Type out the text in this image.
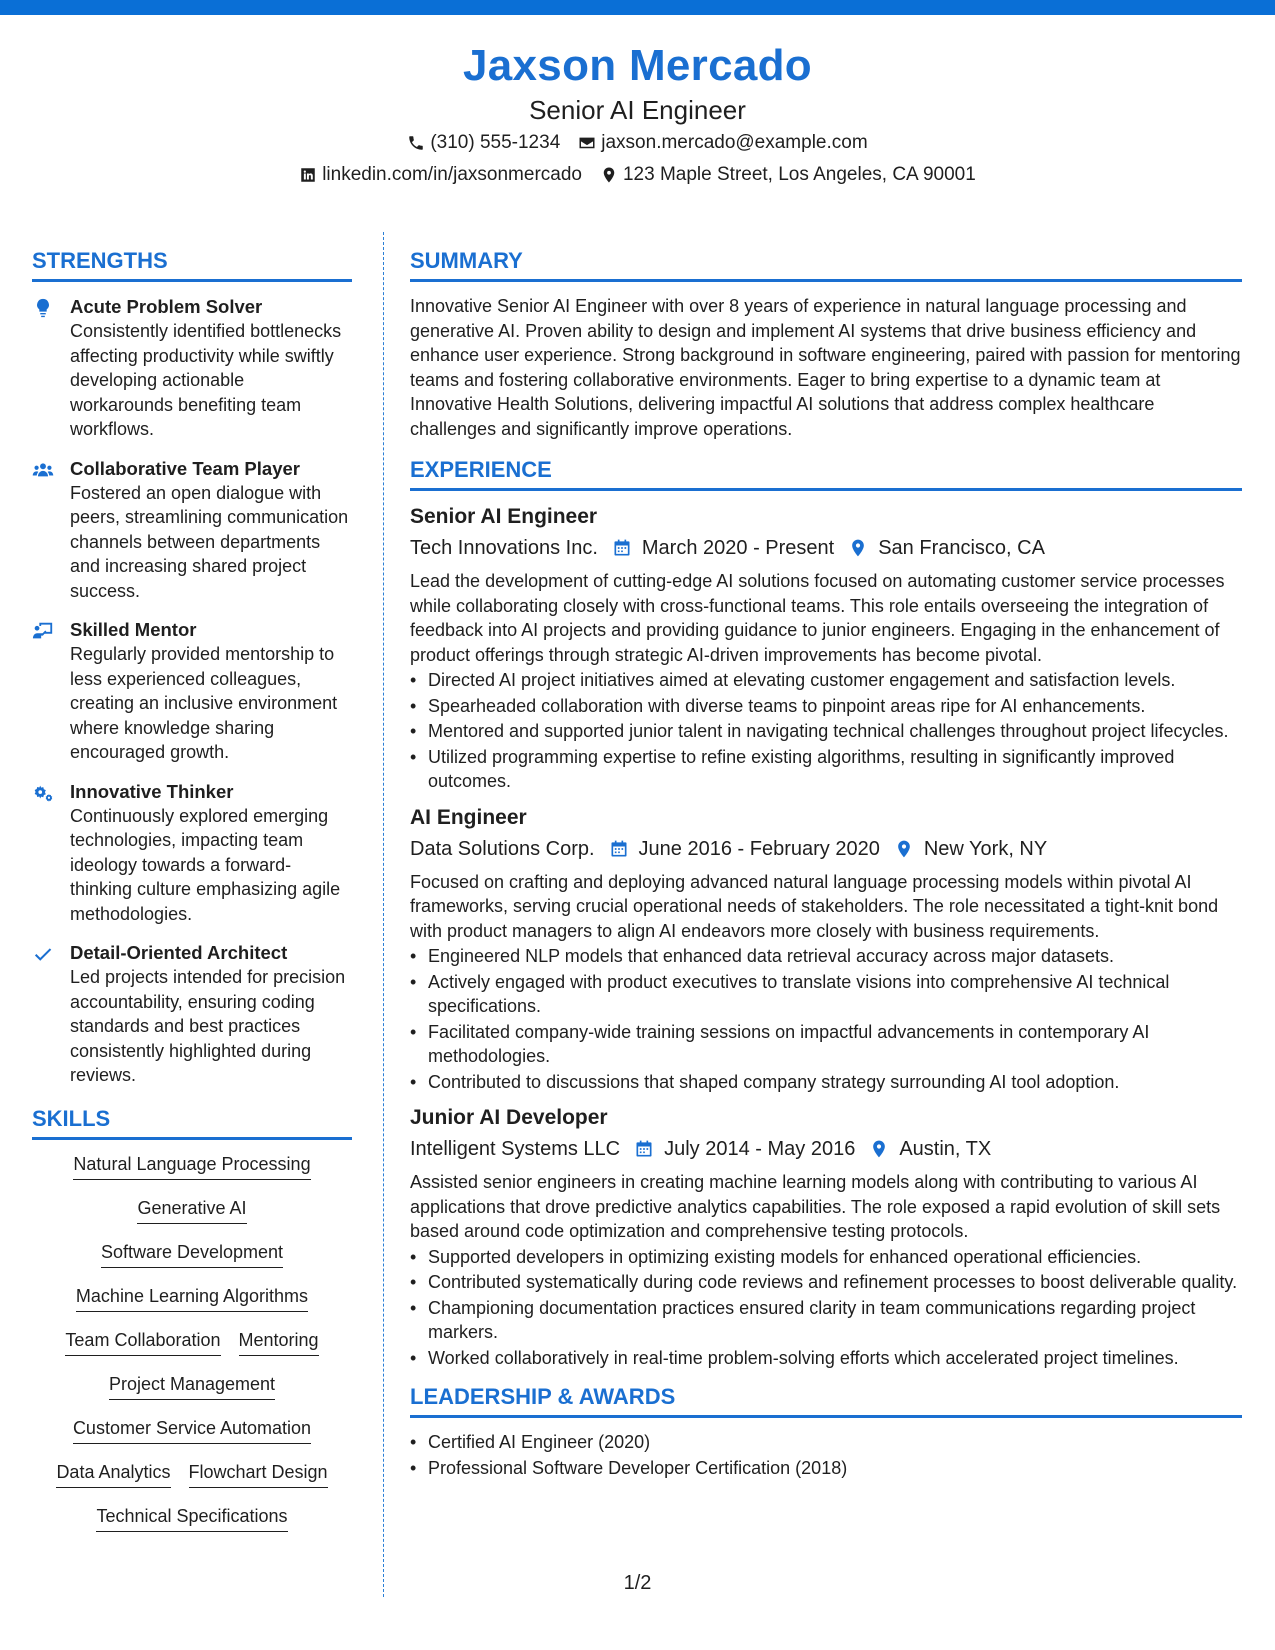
Jaxson Mercado
Senior AI Engineer
(310) 555-1234 jaxson.mercado@example.com
linkedin.com/in/jaxsonmercado 123 Maple Street, Los Angeles, CA 90001
STRENGTHS
Acute Problem Solver
Consistently identified bottlenecks affecting productivity while swiftly developing actionable workarounds benefiting team workflows.
Collaborative Team Player
Fostered an open dialogue with peers, streamlining communication channels between departments and increasing shared project success.
Skilled Mentor
Regularly provided mentorship to less experienced colleagues, creating an inclusive environment where knowledge sharing encouraged growth.
Innovative Thinker
Continuously explored emerging technologies, impacting team ideology towards a forward-thinking culture emphasizing agile methodologies.
Detail-Oriented Architect
Led projects intended for precision accountability, ensuring coding standards and best practices consistently highlighted during reviews.
SKILLS
Natural Language Processing
Generative AI
Software Development
Machine Learning Algorithms
Team Collaboration Mentoring
Project Management
Customer Service Automation
Data Analytics Flowchart Design
Technical Specifications
SUMMARY
Innovative Senior AI Engineer with over 8 years of experience in natural language processing and generative AI. Proven ability to design and implement AI systems that drive business efficiency and enhance user experience. Strong background in software engineering, paired with passion for mentoring teams and fostering collaborative environments. Eager to bring expertise to a dynamic team at Innovative Health Solutions, delivering impactful AI solutions that address complex healthcare challenges and significantly improve operations.
EXPERIENCE
Senior AI Engineer
Tech Innovations Inc. March 2020 - Present San Francisco, CA
Lead the development of cutting-edge AI solutions focused on automating customer service processes while collaborating closely with cross-functional teams. This role entails overseeing the integration of feedback into AI projects and providing guidance to junior engineers. Engaging in the enhancement of product offerings through strategic AI-driven improvements has become pivotal.
• Directed AI project initiatives aimed at elevating customer engagement and satisfaction levels.
• Spearheaded collaboration with diverse teams to pinpoint areas ripe for AI enhancements.
• Mentored and supported junior talent in navigating technical challenges throughout project lifecycles.
• Utilized programming expertise to refine existing algorithms, resulting in significantly improved outcomes.
AI Engineer
Data Solutions Corp. June 2016 - February 2020 New York, NY
Focused on crafting and deploying advanced natural language processing models within pivotal AI frameworks, serving crucial operational needs of stakeholders. The role necessitated a tight-knit bond with product managers to align AI endeavors more closely with business requirements.
• Engineered NLP models that enhanced data retrieval accuracy across major datasets.
• Actively engaged with product executives to translate visions into comprehensive AI technical specifications.
• Facilitated company-wide training sessions on impactful advancements in contemporary AI methodologies.
• Contributed to discussions that shaped company strategy surrounding AI tool adoption.
Junior AI Developer
Intelligent Systems LLC July 2014 - May 2016 Austin, TX
Assisted senior engineers in creating machine learning models along with contributing to various AI applications that drove predictive analytics capabilities. The role exposed a rapid evolution of skill sets based around code optimization and comprehensive testing protocols.
• Supported developers in optimizing existing models for enhanced operational efficiencies.
• Contributed systematically during code reviews and refinement processes to boost deliverable quality.
• Championing documentation practices ensured clarity in team communications regarding project markers.
• Worked collaboratively in real-time problem-solving efforts which accelerated project timelines.
LEADERSHIP & AWARDS
• Certified AI Engineer (2020)
• Professional Software Developer Certification (2018)
1/2
